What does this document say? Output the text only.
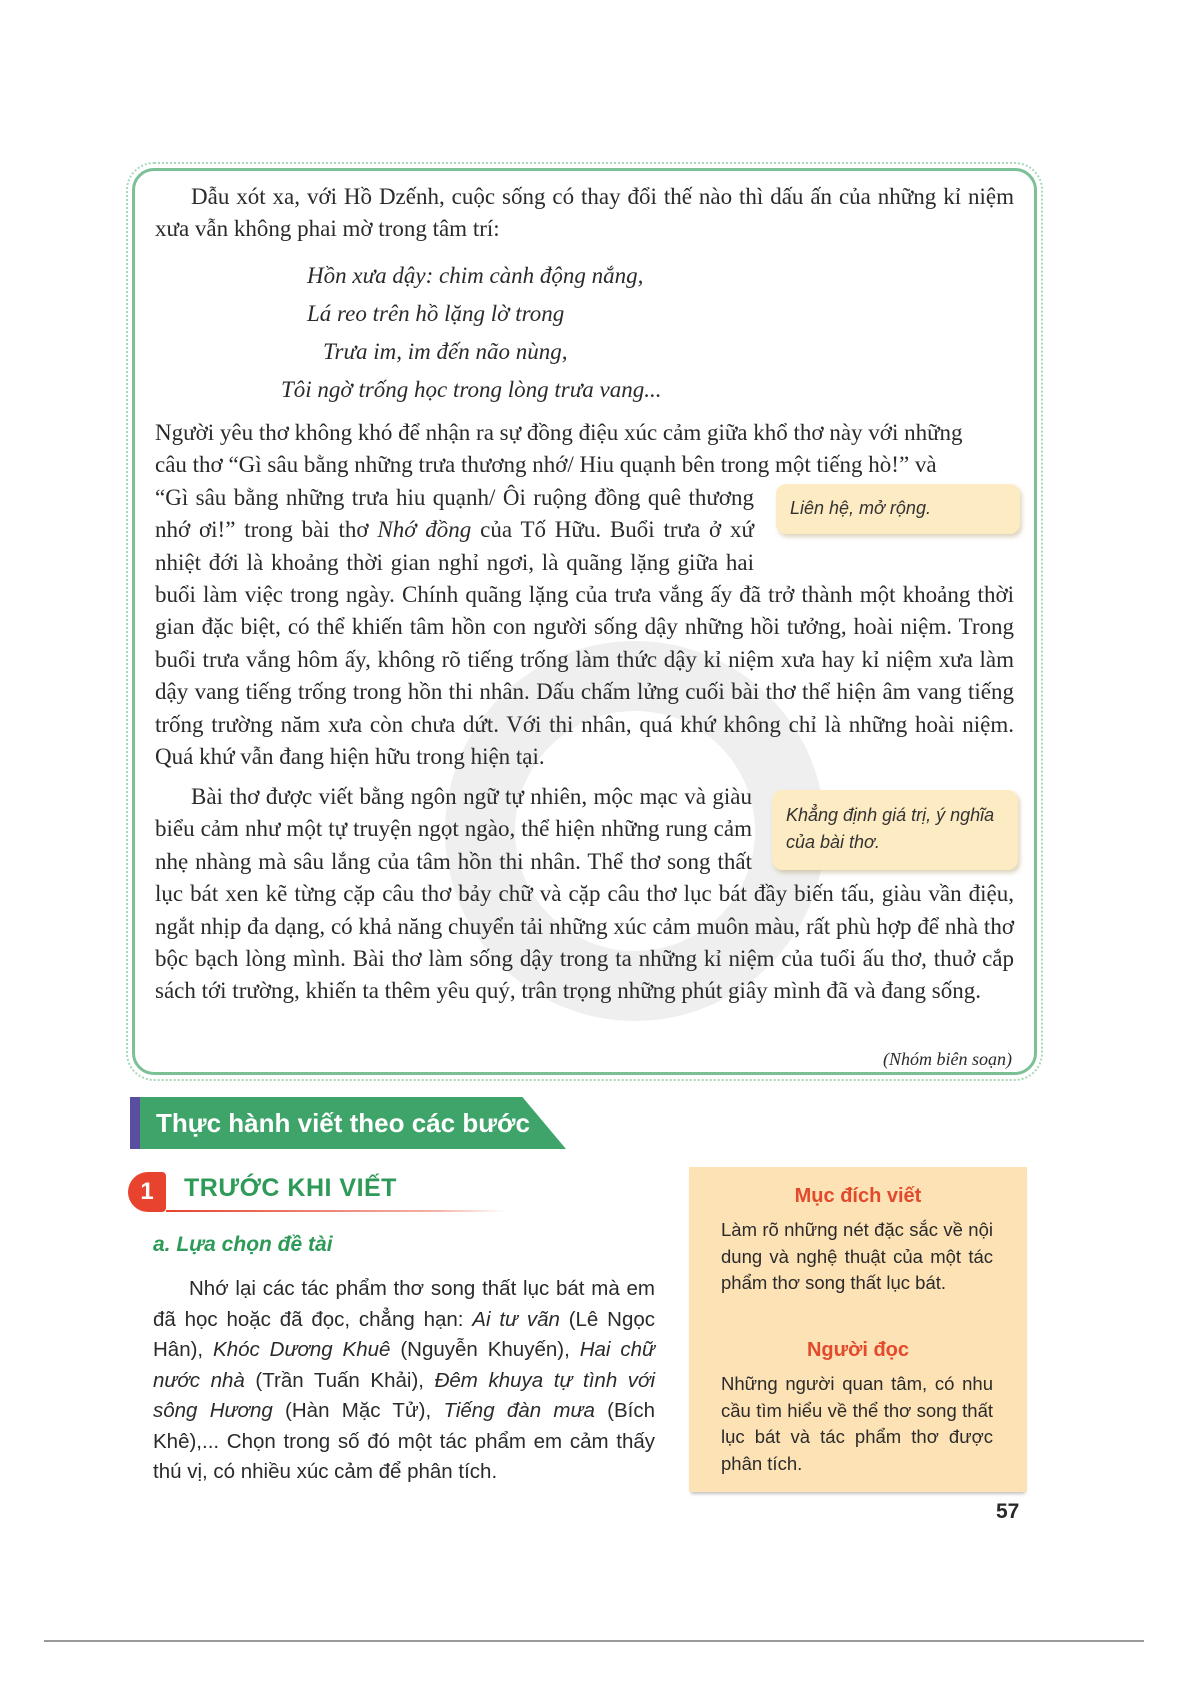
Dẫu xót xa, với Hồ Dzếnh, cuộc sống có thay đổi thế nào thì dấu ấn của những kỉ niệm xưa vẫn không phai mờ trong tâm trí:

Hồn xưa dậy: chim cành động nắng,
Lá reo trên hồ lặng lờ trong
Trưa im, im đến não nùng,
Tôi ngờ trống học trong lòng trưa vang...
Người yêu thơ không khó để nhận ra sự đồng điệu xúc cảm giữa khổ thơ này với những
câu thơ “Gì sâu bằng những trưa thương nhớ/ Hiu quạnh bên trong một tiếng hò!” và
“Gì sâu bằng những trưa hiu quạnh/ Ôi ruộng đồng quê thương nhớ ơi!” trong bài thơ Nhớ đồng của Tố Hữu. Buổi trưa ở xứ nhiệt đới là khoảng thời gian nghỉ ngơi, là quãng lặng giữa hai buổi làm việc trong ngày. Chính quãng lặng của trưa vắng ấy đã trở thành một khoảng thời gian đặc biệt, có thể khiến tâm hồn con người sống dậy những hồi tưởng, hoài niệm. Trong buổi trưa vắng hôm ấy, không rõ tiếng trống làm thức dậy kỉ niệm xưa hay kỉ niệm xưa làm dậy vang tiếng trống trong hồn thi nhân. Dấu chấm lửng cuối bài thơ thể hiện âm vang tiếng trống trường năm xưa còn chưa dứt. Với thi nhân, quá khứ không chỉ là những hoài niệm. Quá khứ vẫn đang hiện hữu trong hiện tại.
Bài thơ được viết bằng ngôn ngữ tự nhiên, mộc mạc và giàu biểu cảm như một tự truyện ngọt ngào, thể hiện những rung cảm nhẹ nhàng mà sâu lắng của tâm hồn thi nhân. Thể thơ song thất lục bát xen kẽ từng cặp câu thơ bảy chữ và cặp câu thơ lục bát đầy biến tấu, giàu vần điệu, ngắt nhịp đa dạng, có khả năng chuyển tải những xúc cảm muôn màu, rất phù hợp để nhà thơ bộc bạch lòng mình. Bài thơ làm sống dậy trong ta những kỉ niệm của tuổi ấu thơ, thuở cắp sách tới trường, khiến ta thêm yêu quý, trân trọng những phút giây mình đã và đang sống.
(Nhóm biên soạn)
Liên hệ, mở rộng.
Khẳng định giá trị, ý nghĩa của bài thơ.
Thực hành viết theo các bước
1	TRƯỚC KHI VIẾT
a. Lựa chọn đề tài

Nhớ lại các tác phẩm thơ song thất lục bát mà em đã học hoặc đã đọc, chẳng hạn: Ai tư vãn (Lê Ngọc Hân), Khóc Dương Khuê (Nguyễn Khuyến), Hai chữ nước nhà (Trần Tuấn Khải), Đêm khuya tự tình với sông Hương (Hàn Mặc Tử), Tiếng đàn mưa (Bích Khê),... Chọn trong số đó một tác phẩm em cảm thấy thú vị, có nhiều xúc cảm để phân tích.

Mục đích viết

Làm rõ những nét đặc sắc về nội dung và nghệ thuật của một tác phẩm thơ song thất lục bát.

Người đọc

Những người quan tâm, có nhu cầu tìm hiểu về thể thơ song thất lục bát và tác phẩm thơ được phân tích.

57
